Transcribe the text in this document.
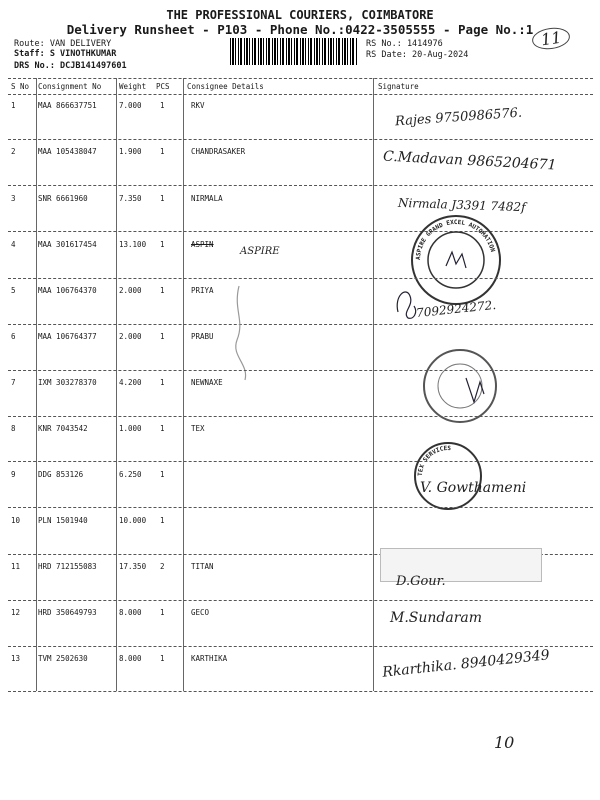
THE PROFESSIONAL COURIERS, COIMBATORE
Delivery Runsheet - P103 - Phone No.:0422-3505555 - Page No.:1
Route: VAN DELIVERY
Staff: S VINOTHKUMAR
DRS No.: DCJB141497601
RS No.: 1414976
RS Date: 20-Aug-2024
11
S No Consignment No Weight PCS Consignee Details	Signature
1	MAA 866637751	7.000 1	RKV
Rajes 9750986576.
2	MAA 105438047	1.900 1	CHANDRASAKER	C.Madavan 9865204671
3	SNR 6661960	7.350 1	NIRMALA	Nirmala J3391 7482f
4	MAA 301617454	13.100 1	ASPIN
ASPIRE
ASPIRE GRAND EXCEL AUTOMATION
5	MAA 106764370	2.000 1	PRIYA
7092924272.
6	MAA 106764377	2.000 1	PRABU
7	IXM 303278370	4.200 1	NEWNAXE
8	KNR 7043542	1.000 1	TEX
TEX SERVICES
9	DDG 853126	6.250 1
V. Gowthameni
10 PLN 1501940	10.000 1
11 HRD 712155083	17.350 2	TITAN
D.Gour.
12 HRD 350649793	8.000 1	GECO	M.Sundaram
13 TVM 2502630	8.000 1	KARTHIKA	Rkarthika. 8940429349
10
